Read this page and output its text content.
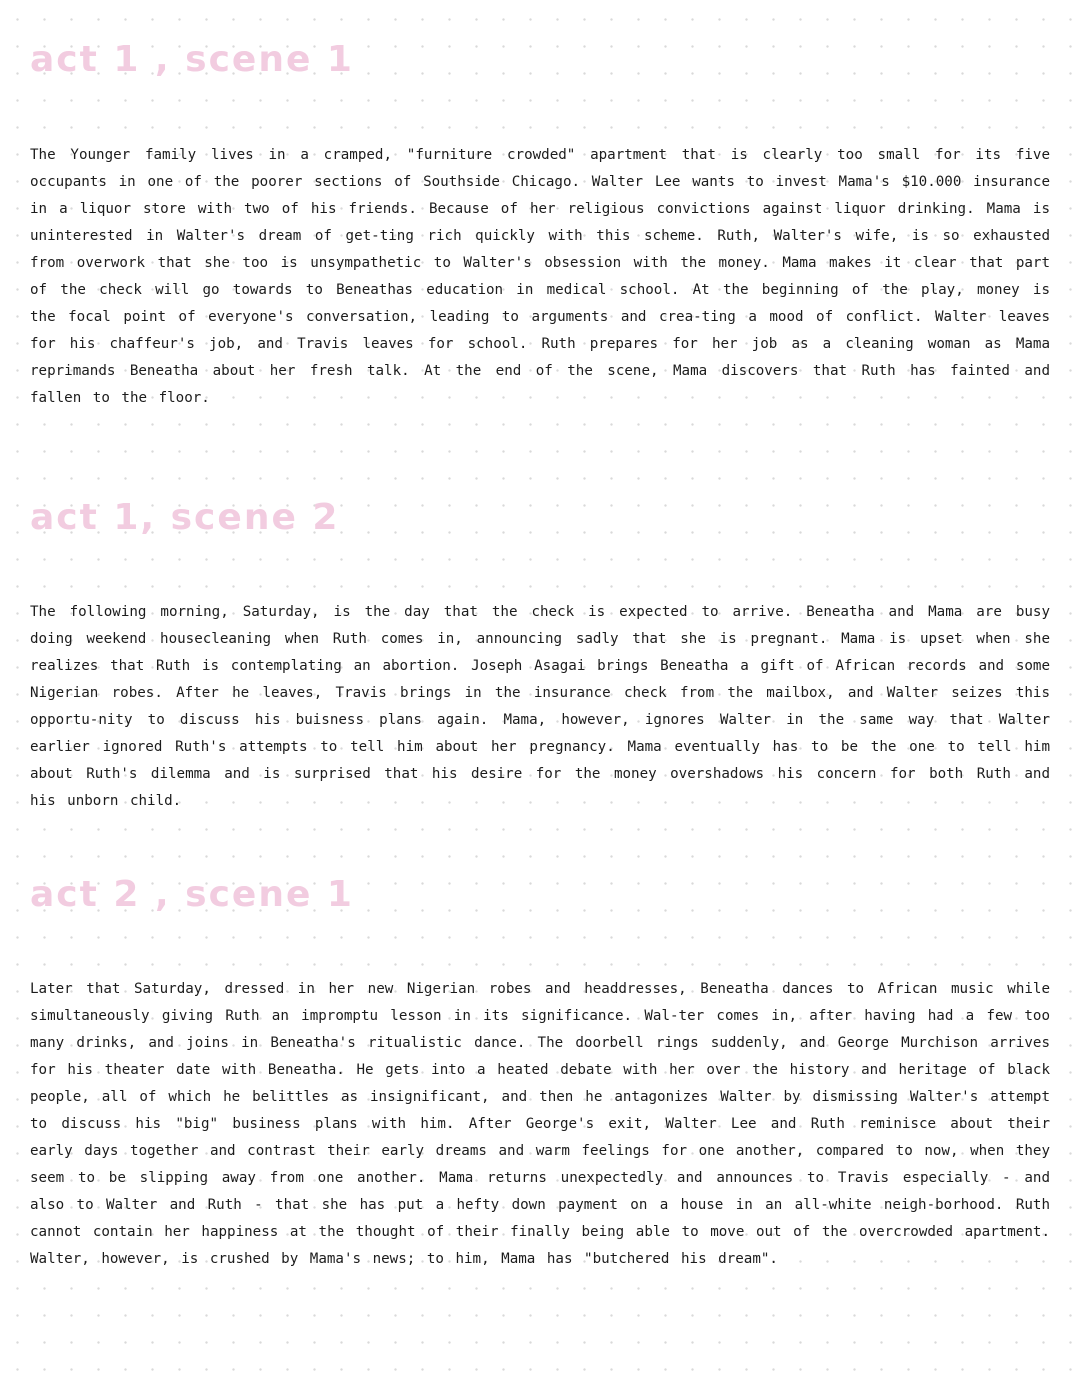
act 1 , scene 1

The Younger family lives in a cramped, "furniture crowded" apartment that is clearly too small for its five occupants in one of the poorer sections of Southside Chicago. Walter Lee wants to invest Mama's $10.000 insurance in a liquor store with two of his friends. Because of her religious convictions against liquor drinking. Mama is uninterested in Walter's dream of get-ting rich quickly with this scheme. Ruth, Walter's wife, is so exhausted from overwork that she too is unsympathetic to Walter's obsession with the money. Mama makes it clear that part of the check will go towards to Beneathas education in medical school. At the beginning of the play, money is the focal point of everyone's conversation, leading to arguments and crea-ting a mood of conflict. Walter leaves for his chaffeur's job, and Travis leaves for school. Ruth prepares for her job as a cleaning woman as Mama reprimands Beneatha about her fresh talk. At the end of the scene, Mama discovers that Ruth has fainted and fallen to the floor.

act 1, scene 2

The following morning, Saturday, is the day that the check is expected to arrive. Beneatha and Mama are busy doing weekend housecleaning when Ruth comes in, announcing sadly that she is pregnant. Mama is upset when she realizes that Ruth is contemplating an abortion. Joseph Asagai brings Beneatha a gift of African records and some Nigerian robes. After he leaves, Travis brings in the insurance check from the mailbox, and Walter seizes this opportu-nity to discuss his buisness plans again. Mama, however, ignores Walter in the same way that Walter earlier ignored Ruth's attempts to tell him about her pregnancy. Mama eventually has to be the one to tell him about Ruth's dilemma and is surprised that his desire for the money overshadows his concern for both Ruth and his unborn child.

act 2 , scene 1

Later that Saturday, dressed in her new Nigerian robes and headdresses, Beneatha dances to African music while simultaneously giving Ruth an impromptu lesson in its significance. Wal-ter comes in, after having had a few too many drinks, and joins in Beneatha's ritualistic dance. The doorbell rings suddenly, and George Murchison arrives for his theater date with Beneatha. He gets into a heated debate with her over the history and heritage of black people, all of which he belittles as insignificant, and then he antagonizes Walter by dismissing Walter's attempt to discuss his "big" business plans with him. After George's exit, Walter Lee and Ruth reminisce about their early days together and contrast their early dreams and warm feelings for one another, compared to now, when they seem to be slipping away from one another. Mama returns unexpectedly and announces to Travis especially - and also to Walter and Ruth - that she has put a hefty down payment on a house in an all-white neigh-borhood. Ruth cannot contain her happiness at the thought of their finally being able to move out of the overcrowded apartment. Walter, however, is crushed by Mama's news; to him, Mama has "butchered his dream".
